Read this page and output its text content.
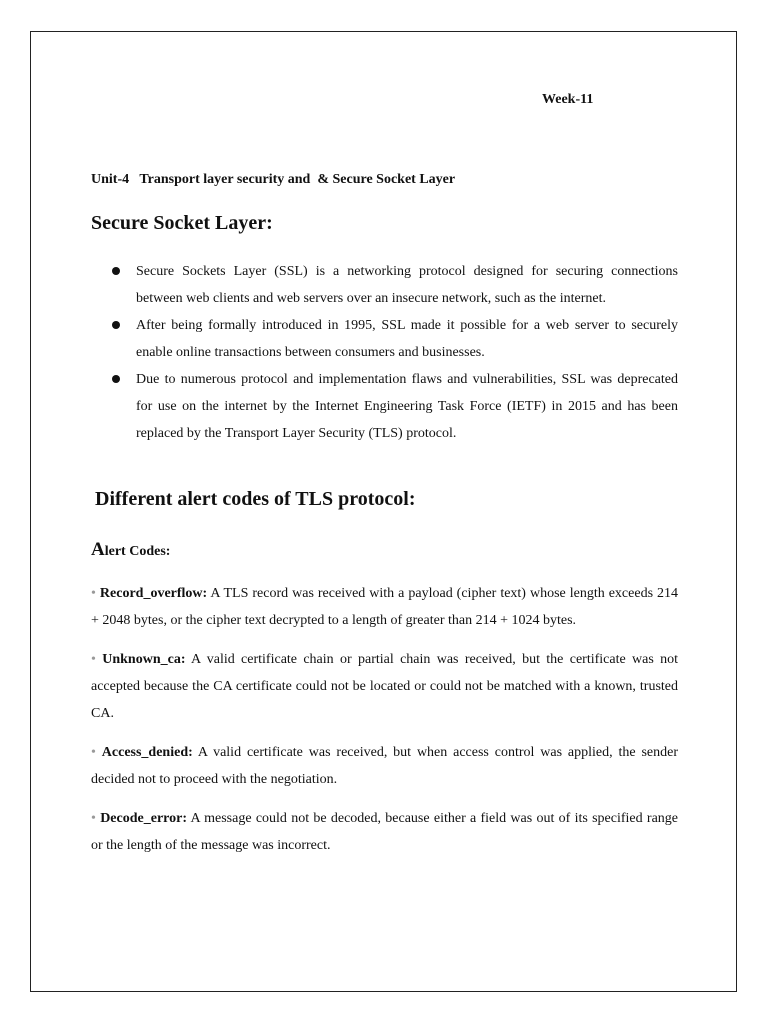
Week-11
Unit-4   Transport layer security and  & Secure Socket Layer
Secure Socket Layer:
Secure Sockets Layer (SSL) is a networking protocol designed for securing connections between web clients and web servers over an insecure network, such as the internet.
After being formally introduced in 1995, SSL made it possible for a web server to securely enable online transactions between consumers and businesses.
Due to numerous protocol and implementation flaws and vulnerabilities, SSL was deprecated for use on the internet by the Internet Engineering Task Force (IETF) in 2015 and has been replaced by the Transport Layer Security (TLS) protocol.
Different alert codes of TLS protocol:
Alert Codes:

• Record_overflow: A TLS record was received with a payload (cipher text) whose length exceeds 214 + 2048 bytes, or the cipher text decrypted to a length of greater than 214 + 1024 bytes.

• Unknown_ca: A valid certificate chain or partial chain was received, but the certificate was not accepted because the CA certificate could not be located or could not be matched with a known, trusted CA.

• Access_denied: A valid certificate was received, but when access control was applied, the sender decided not to proceed with the negotiation.

• Decode_error: A message could not be decoded, because either a field was out of its specified range or the length of the message was incorrect.
